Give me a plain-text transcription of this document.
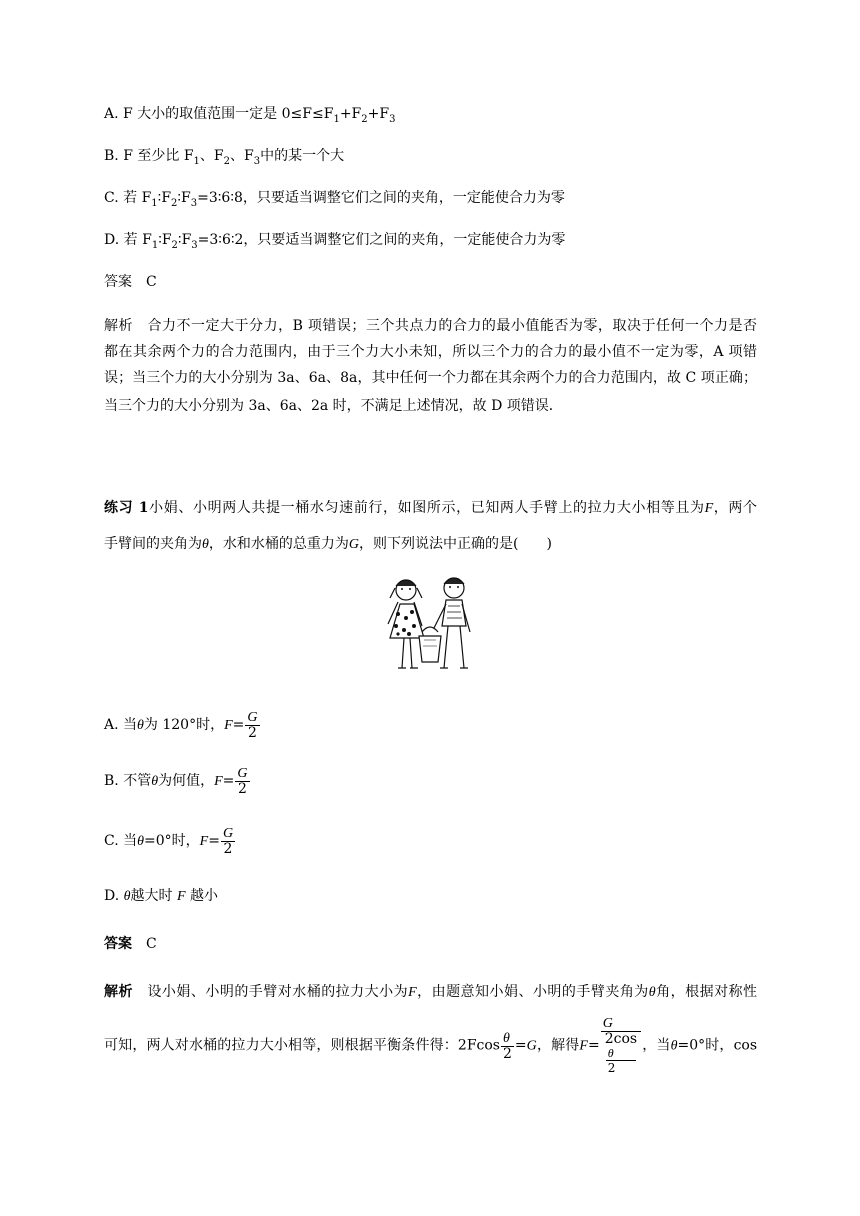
A. F 大小的取值范围一定是 $0\le F\le F_1+F_2+F_3$
B. F 至少比 $F_1$、$F_2$、$F_3$中的某一个大
C. 若 $F_1∶F_2∶F_3=3∶6∶8$，只要适当调整它们之间的夹角，一定能使合力为零
D. 若 $F_1∶F_2∶F_3=3∶6∶2$，只要适当调整它们之间的夹角，一定能使合力为零
答案 C
解析 合力不一定大于分力，B 项错误；三个共点力的合力的最小值能否为零，取决于任何一个力是否
都在其余两个力的合力范围内，由于三个力大小未知，所以三个力的合力的最小值不一定为零，A 项错
误；当三个力的大小分别为 3a、6a、8a，其中任何一个力都在其余两个力的合力范围内，故 C 项正确；
当三个力的大小分别为 3a、6a、2a 时，不满足上述情况，故 D 项错误．
练习 1小娟、小明两人共提一桶水匀速前行，如图所示，已知两人手臂上的拉力大小相等且为F，两个
手臂间的夹角为θ，水和水桶的总重力为G，则下列说法中正确的是(　　)
A. 当θ为 120°时，$F= \frac{G}{2}$
B. 不管θ为何值，$F= \frac{G}{2}$
C. 当θ=0°时，$F= \frac{G}{2}$
D. θ越大时 F 越小
答案 C
解析 设小娟、小明的手臂对水桶的拉力大小为F，由题意知小娟、小明的手臂夹角为θ角，根据对称性
可知，两人对水桶的拉力大小相等，则根据平衡条件得：$2Fcos \frac{\theta}{2} =G$，解得F= G
2cos
θ
2 ，当θ=0°时，cos
